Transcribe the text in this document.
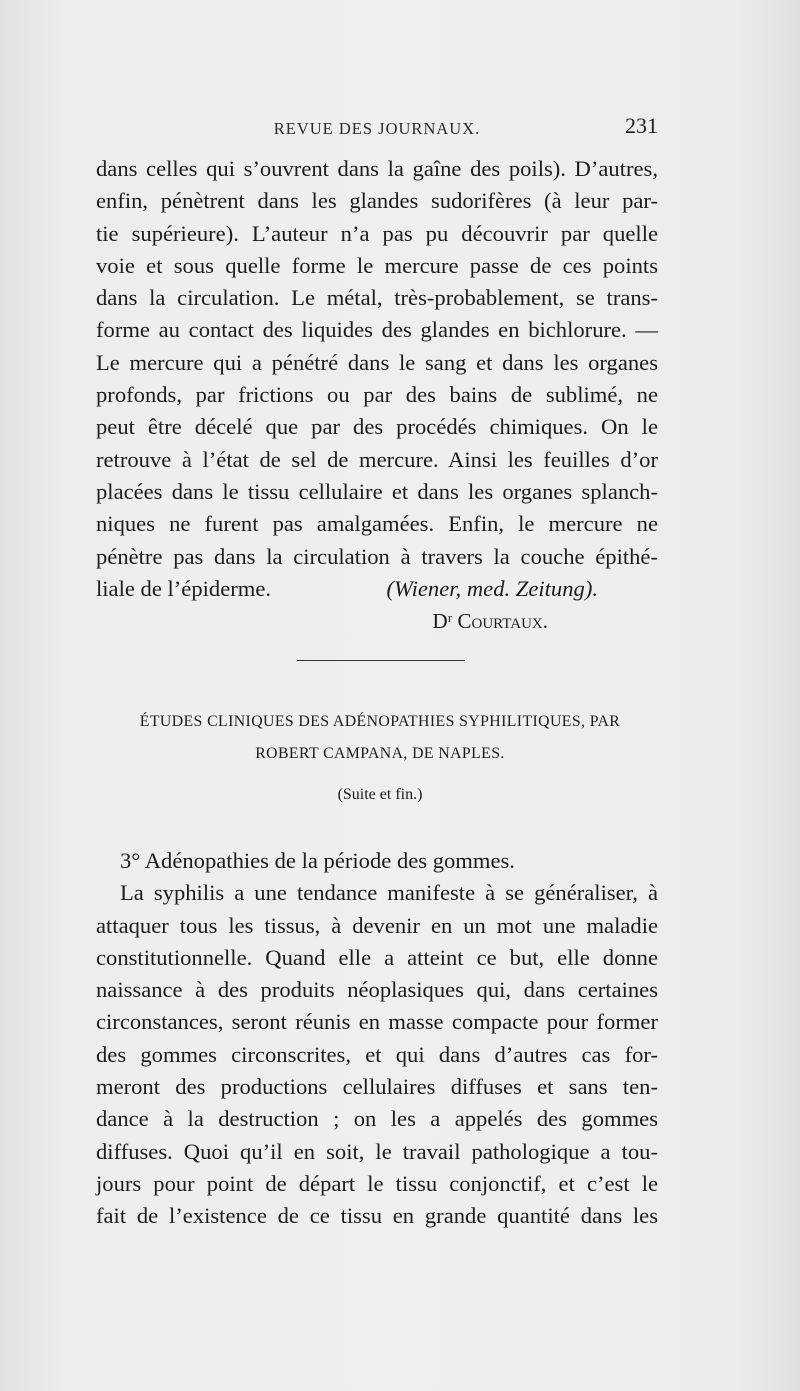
REVUE DES JOURNAUX.	231
dans celles qui s’ouvrent dans la gaîne des poils). D’autres,
enfin, pénètrent dans les glandes sudorifères (à leur par-
tie supérieure). L’auteur n’a pas pu découvrir par quelle
voie et sous quelle forme le mercure passe de ces points
dans la circulation. Le métal, très-probablement, se trans-
forme au contact des liquides des glandes en bichlorure. —
Le mercure qui a pénétré dans le sang et dans les organes
profonds, par frictions ou par des bains de sublimé, ne
peut être décelé que par des procédés chimiques. On le
retrouve à l’état de sel de mercure. Ainsi les feuilles d’or
placées dans le tissu cellulaire et dans les organes splanch-
niques ne furent pas amalgamées. Enfin, le mercure ne
pénètre pas dans la circulation à travers la couche épithé-
liale de l’épiderme.	(Wiener, med. Zeitung).
Dʳ Courtaux.
ÉTUDES CLINIQUES DES ADÉNOPATHIES SYPHILITIQUES, PAR
ROBERT CAMPANA, DE NAPLES.
(Suite et fin.)
3° Adénopathies de la période des gommes.
La syphilis a une tendance manifeste à se généraliser, à
attaquer tous les tissus, à devenir en un mot une maladie
constitutionnelle. Quand elle a atteint ce but, elle donne
naissance à des produits néoplasiques qui, dans certaines
circonstances, seront réunis en masse compacte pour former
des gommes circonscrites, et qui dans d’autres cas for-
meront des productions cellulaires diffuses et sans ten-
dance à la destruction ; on les a appelés des gommes
diffuses. Quoi qu’il en soit, le travail pathologique a tou-
jours pour point de départ le tissu conjonctif, et c’est le
fait de l’existence de ce tissu en grande quantité dans les
